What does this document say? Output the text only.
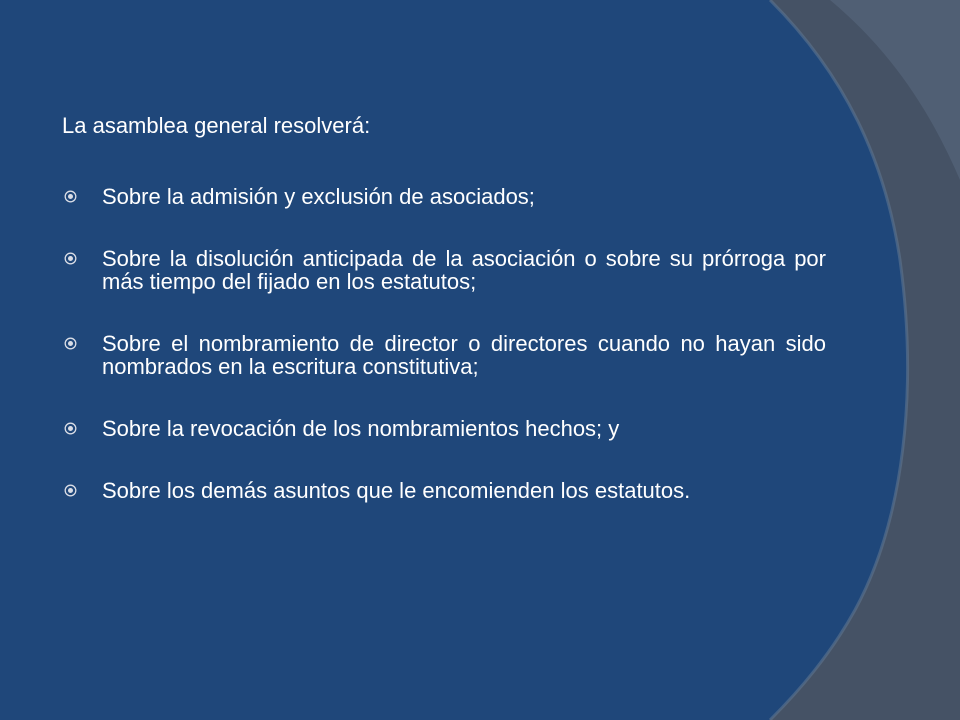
La asamblea general resolverá:
Sobre la admisión y exclusión de asociados;
Sobre la disolución anticipada de la asociación o sobre su prórroga por más tiempo del fijado en los estatutos;
Sobre el nombramiento de director o directores cuando no hayan sido nombrados en la escritura constitutiva;
Sobre la revocación de los nombramientos hechos; y
Sobre los demás asuntos que le encomienden los estatutos.
